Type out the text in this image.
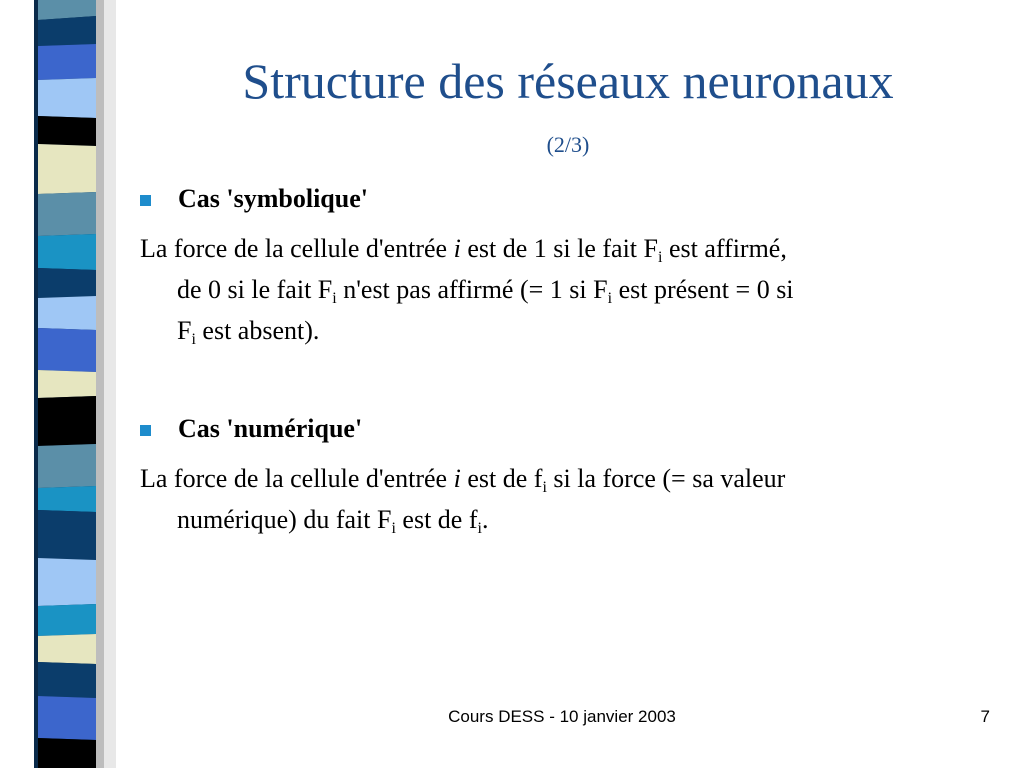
Structure des réseaux neuronaux
(2/3)
Cas 'symbolique'
La force de la cellule d'entrée i est de 1 si le fait $F_i$ est affirmé,
de 0 si le fait $F_i$ n'est pas affirmé (= 1 si $F_i$ est présent = 0 si
$F_i$ est absent).
Cas 'numérique'
La force de la cellule d'entrée i est de $f_i$ si la force (= sa valeur
numérique) du fait $F_i$ est de $f_i$.
Cours DESS - 10 janvier 2003	7
